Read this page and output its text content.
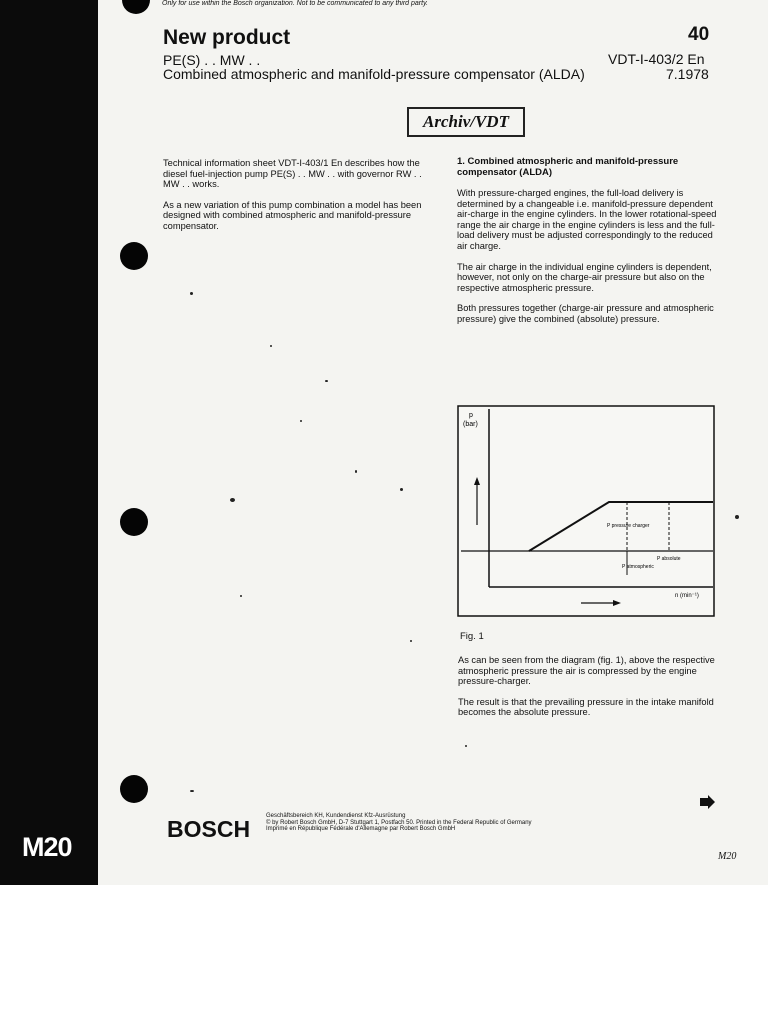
M20
Only for use within the Bosch organization. Not to be communicated to any third party.
New product	40
PE(S) . . MW . .
Combined atmospheric and manifold-pressure compensator (ALDA)
VDT-I-403/2 En
7.1978
Archiv/VDT

Technical information sheet VDT-I-403/1 En describes how the diesel fuel-injection pump PE(S) . . MW . . with governor RW . . MW . . works.

As a new variation of this pump combination a model has been designed with combined atmospheric and manifold-pressure compensator.

1. Combined atmospheric and manifold-pressure compensator (ALDA)

With pressure-charged engines, the full-load delivery is determined by a changeable i.e. manifold-pressure dependent air-charge in the engine cylinders. In the lower rotational-speed range the air charge in the engine cylinders is less and the full-load delivery must be adjusted correspondingly to the reduced air charge.

The air charge in the individual engine cylinders is dependent, however, not only on the charge-air pressure but also on the respective atmospheric pressure.

Both pressures together (charge-air pressure and atmospheric pressure) give the combined (absolute) pressure.

p
(bar)
n (min⁻¹)
P pressure charger
P absolute
P atmospheric
Fig. 1

As can be seen from the diagram (fig. 1), above the respective atmospheric pressure the air is compressed by the engine pressure-charger.

The result is that the prevailing pressure in the intake manifold becomes the absolute pressure.

BOSCH	Geschäftsbereich KH, Kundendienst Kfz-Ausrüstung
© by Robert Bosch GmbH, D-7 Stuttgart 1, Postfach 50. Printed in the Federal Republic of Germany
Imprimé en République Fédérale d'Allemagne par Robert Bosch GmbH
M20
